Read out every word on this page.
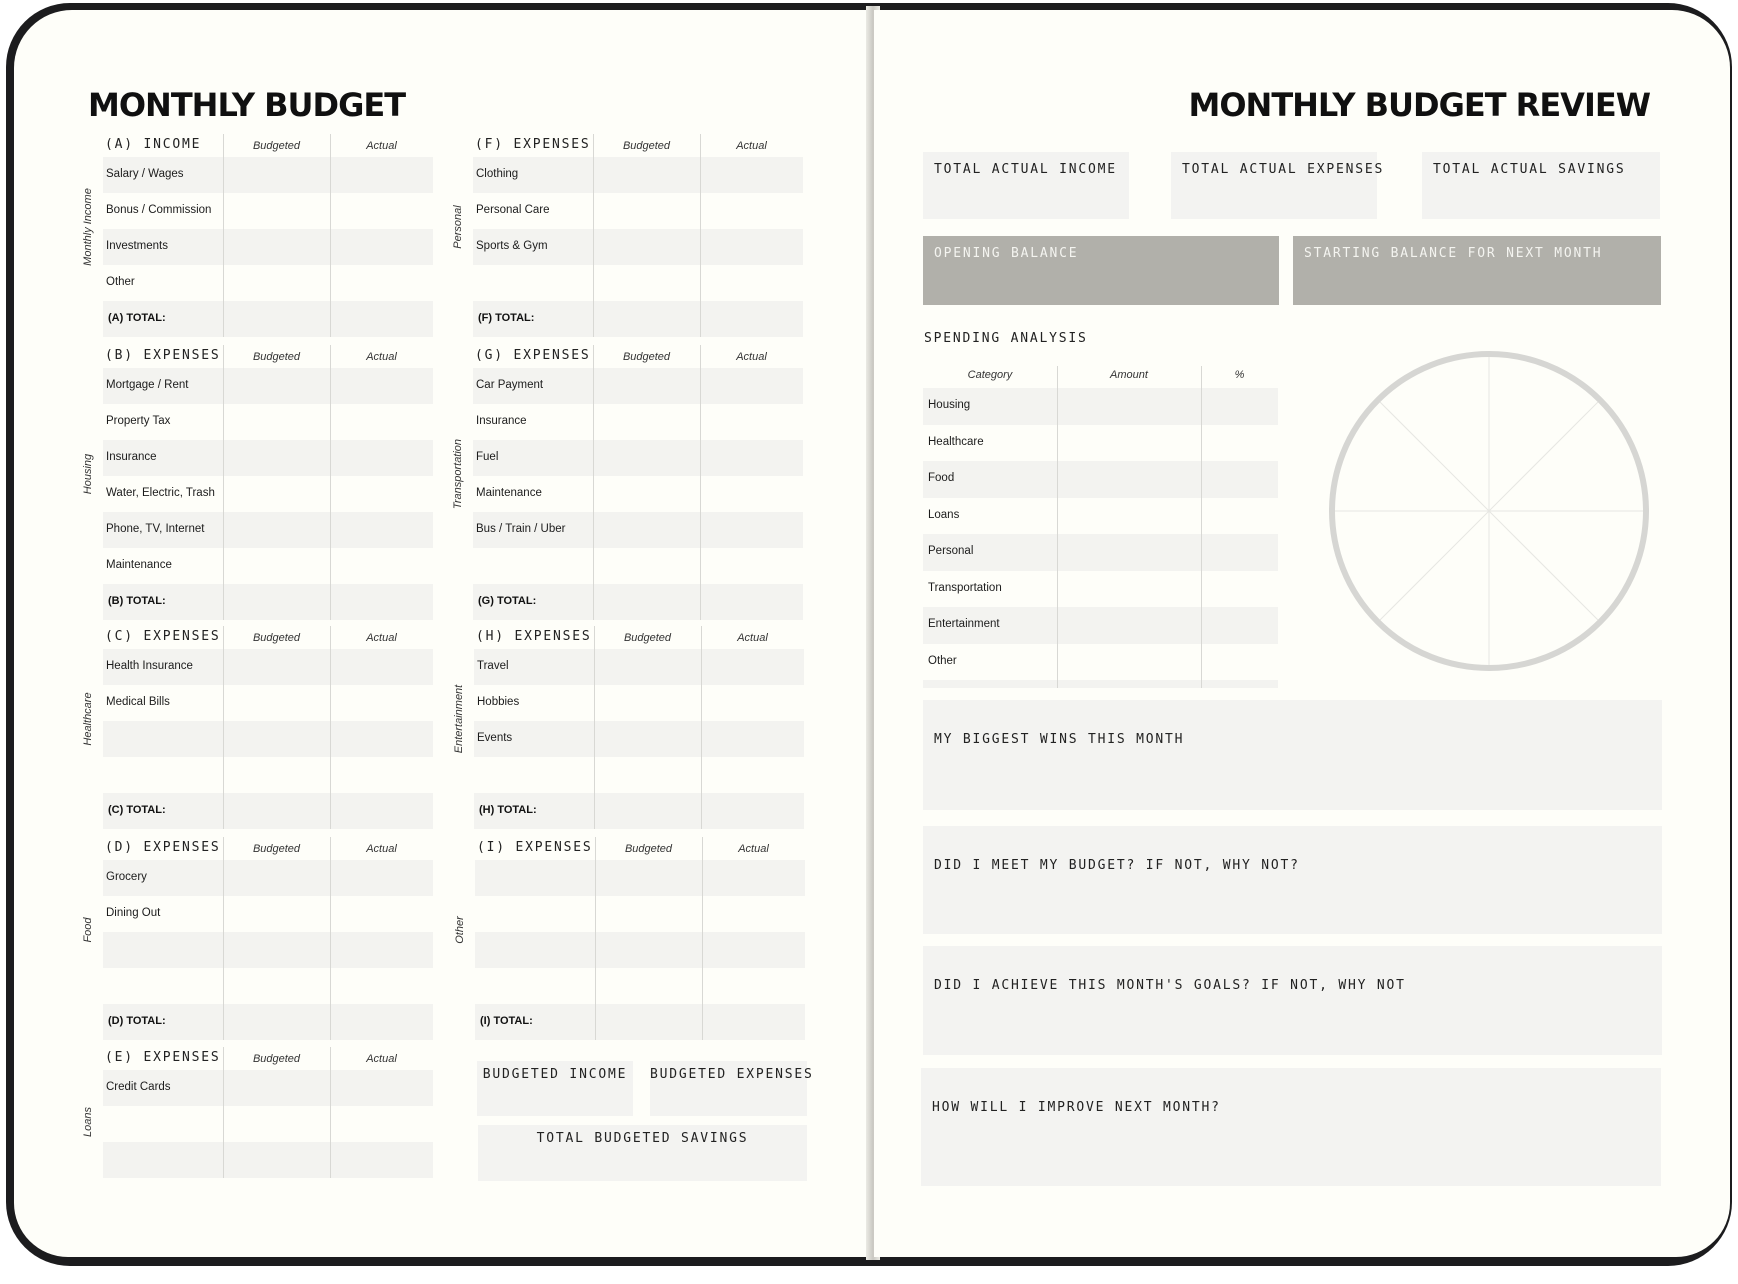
MONTHLY BUDGET
Monthly Income
(A) INCOME	Budgeted	Actual
Salary / Wages
Bonus / Commission
Investments
Other
(A) TOTAL:
Housing
(B) EXPENSES	Budgeted	Actual
Mortgage / Rent
Property Tax
Insurance
Water, Electric, Trash
Phone, TV, Internet
Maintenance
(B) TOTAL:
Healthcare
(C) EXPENSES	Budgeted	Actual
Health Insurance
Medical Bills
(C) TOTAL:
Food
(D) EXPENSES	Budgeted	Actual
Grocery
Dining Out
(D) TOTAL:
Loans
(E) EXPENSES	Budgeted	Actual
Credit Cards
Personal
(F) EXPENSES	Budgeted	Actual
Clothing
Personal Care
Sports & Gym
(F) TOTAL:
Transportation
(G) EXPENSES	Budgeted	Actual
Car Payment
Insurance
Fuel
Maintenance
Bus / Train / Uber
(G) TOTAL:
Entertainment
(H) EXPENSES	Budgeted	Actual
Travel
Hobbies
Events
(H) TOTAL:
Other
(I) EXPENSES	Budgeted	Actual
(I) TOTAL:
BUDGETED INCOME	BUDGETED EXPENSES
TOTAL BUDGETED SAVINGS
MONTHLY BUDGET REVIEW
TOTAL ACTUAL INCOME	TOTAL ACTUAL EXPENSES	TOTAL ACTUAL SAVINGS
OPENING BALANCE	STARTING BALANCE FOR NEXT MONTH
SPENDING ANALYSIS
MY BIGGEST WINS THIS MONTH
DID I MEET MY BUDGET? IF NOT, WHY NOT?
DID I ACHIEVE THIS MONTH'S GOALS? IF NOT, WHY NOT
HOW WILL I IMPROVE NEXT MONTH?
Category	Amount	%
Housing
Healthcare
Food
Loans
Personal
Transportation
Entertainment
Other
